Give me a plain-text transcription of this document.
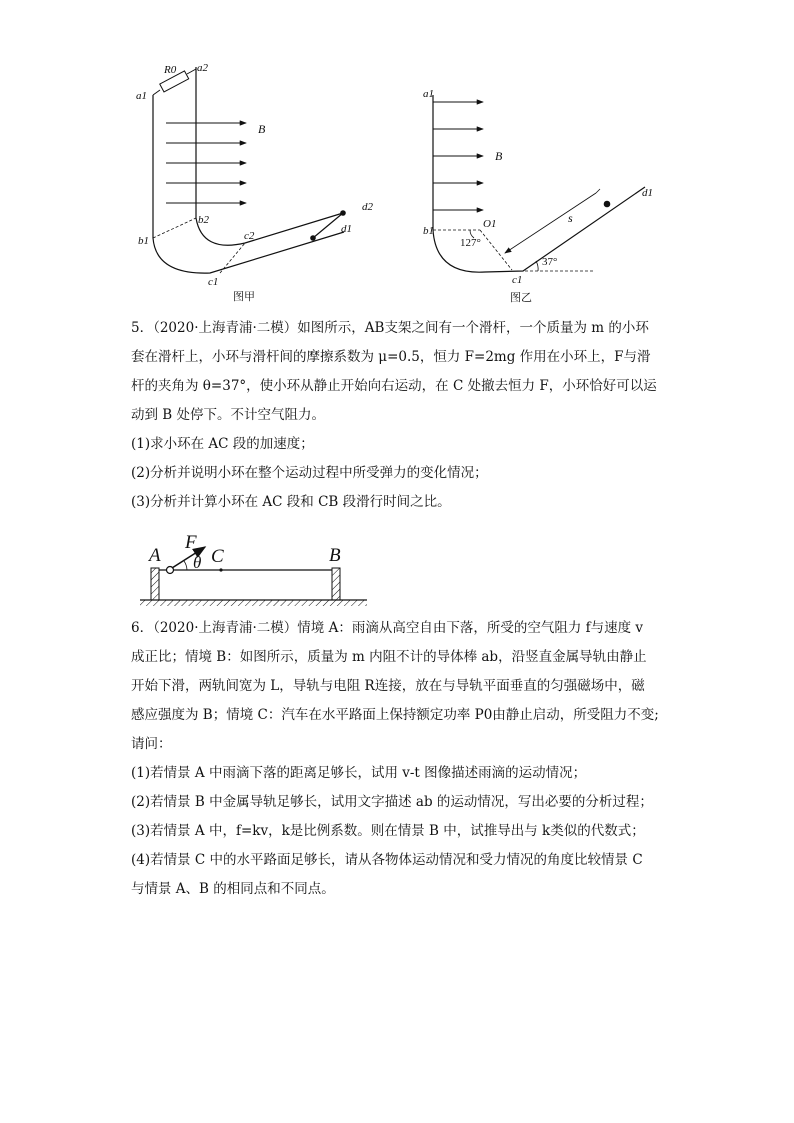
R0 a2
a1
B
b2
b1	c2
c1
d1
d2
图甲
a1
B
b1
O1
127°
s
d1
c1
37°
图乙
5．（2020·上海青浦·二模）如图所示，AB支架之间有一个滑杆，一个质量为 m 的小环
套在滑杆上，小环与滑杆间的摩擦系数为 μ=0.5，恒力 F=2mg 作用在小环上，F与滑
杆的夹角为 θ=37°，使小环从静止开始向右运动，在 C 处撤去恒力 F，小环恰好可以运
动到 B 处停下。不计空气阻力。
(1)求小环在 AC 段的加速度；
(2)分析并说明小环在整个运动过程中所受弹力的变化情况；
(3)分析并计算小环在 AC 段和 CB 段滑行时间之比。
A
F
θ C	B
6．（2020·上海青浦·二模）情境 A：雨滴从高空自由下落，所受的空气阻力 f与速度 v
成正比；情境 B：如图所示，质量为 m 内阻不计的导体棒 ab，沿竖直金属导轨由静止
开始下滑，两轨间宽为 L，导轨与电阻 R连接，放在与导轨平面垂直的匀强磁场中，磁
感应强度为 B；情境 C：汽车在水平路面上保持额定功率 P0由静止启动，所受阻力不变;
请问：
(1)若情景 A 中雨滴下落的距离足够长，试用 v-t 图像描述雨滴的运动情况；
(2)若情景 B 中金属导轨足够长，试用文字描述 ab 的运动情况，写出必要的分析过程；
(3)若情景 A 中，f=kv，k是比例系数。则在情景 B 中，试推导出与 k类似的代数式；
(4)若情景 C 中的水平路面足够长，请从各物体运动情况和受力情况的角度比较情景 C
与情景 A、B 的相同点和不同点。
